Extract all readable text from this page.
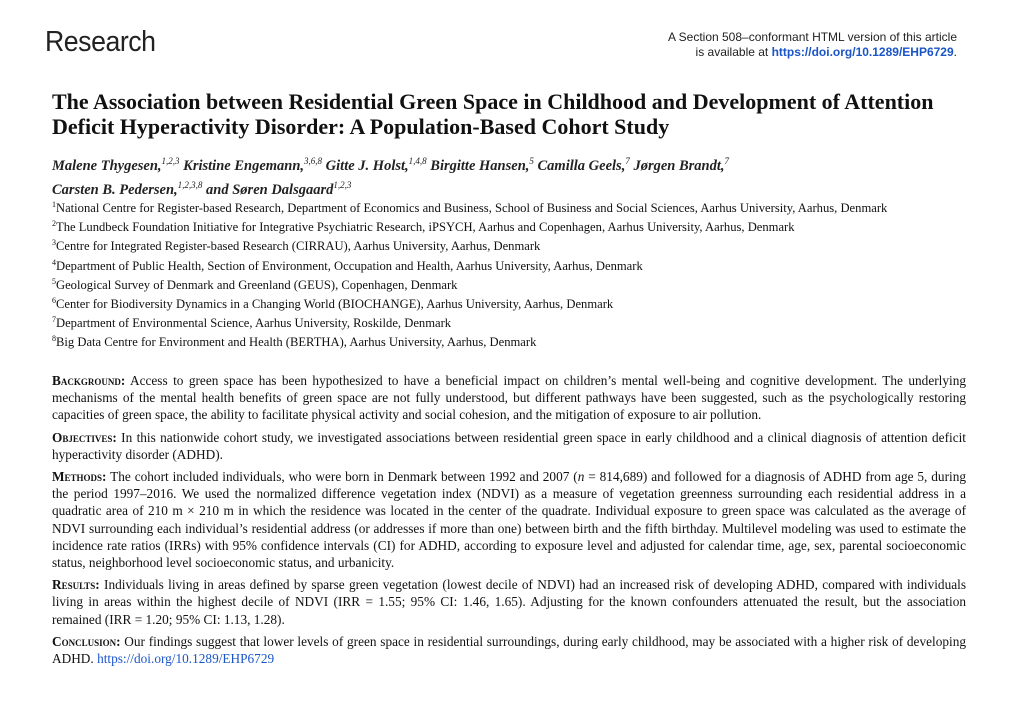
Research	A Section 508–conformant HTML version of this article
is available at https://doi.org/10.1289/EHP6729.
The Association between Residential Green Space in Childhood and Development of Attention Deficit Hyperactivity Disorder: A Population-Based Cohort Study
Malene Thygesen,$^{1,2,3}$ Kristine Engemann,$^{3,6,8}$ Gitte J. Holst,$^{1,4,8}$ Birgitte Hansen,$^5$ Camilla Geels,$^7$ Jørgen Brandt,$^7$
Carsten B. Pedersen,$^{1,2,3,8}$ and Søren Dalsgaard$^{1,2,3}$
$^1$National Centre for Register-based Research, Department of Economics and Business, School of Business and Social Sciences, Aarhus University, Aarhus, Denmark
$^2$The Lundbeck Foundation Initiative for Integrative Psychiatric Research, iPSYCH, Aarhus and Copenhagen, Aarhus University, Aarhus, Denmark
$^3$Centre for Integrated Register-based Research (CIRRAU), Aarhus University, Aarhus, Denmark
$^4$Department of Public Health, Section of Environment, Occupation and Health, Aarhus University, Aarhus, Denmark
$^5$Geological Survey of Denmark and Greenland (GEUS), Copenhagen, Denmark
$^6$Center for Biodiversity Dynamics in a Changing World (BIOCHANGE), Aarhus University, Aarhus, Denmark
$^7$Department of Environmental Science, Aarhus University, Roskilde, Denmark
$^8$Big Data Centre for Environment and Health (BERTHA), Aarhus University, Aarhus, Denmark

Background: Access to green space has been hypothesized to have a beneficial impact on children’s mental well-being and cognitive development. The underlying mechanisms of the mental health benefits of green space are not fully understood, but different pathways have been suggested, such as the psychologically restoring capacities of green space, the ability to facilitate physical activity and social cohesion, and the mitigation of exposure to air pollution.

Objectives: In this nationwide cohort study, we investigated associations between residential green space in early childhood and a clinical diagnosis of attention deficit hyperactivity disorder (ADHD).

Methods: The cohort included individuals, who were born in Denmark between 1992 and 2007 (n = 814,689) and followed for a diagnosis of ADHD from age 5, during the period 1997–2016. We used the normalized difference vegetation index (NDVI) as a measure of vegetation greenness surrounding each residential address in a quadratic area of 210 m × 210 m in which the residence was located in the center of the quadrate. Individual exposure to green space was calculated as the average of NDVI surrounding each individual’s residential address (or addresses if more than one) between birth and the fifth birthday. Multilevel modeling was used to estimate the incidence rate ratios (IRRs) with 95% confidence intervals (CI) for ADHD, according to exposure level and adjusted for calendar time, age, sex, parental socioeconomic status, neighborhood level socioeconomic status, and urbanicity.

Results: Individuals living in areas defined by sparse green vegetation (lowest decile of NDVI) had an increased risk of developing ADHD, compared with individuals living in areas within the highest decile of NDVI (IRR = 1.55; 95% CI: 1.46, 1.65). Adjusting for the known confounders attenuated the result, but the association remained (IRR = 1.20; 95% CI: 1.13, 1.28).

Conclusion: Our findings suggest that lower levels of green space in residential surroundings, during early childhood, may be associated with a higher risk of developing ADHD. https://doi.org/10.1289/EHP6729
